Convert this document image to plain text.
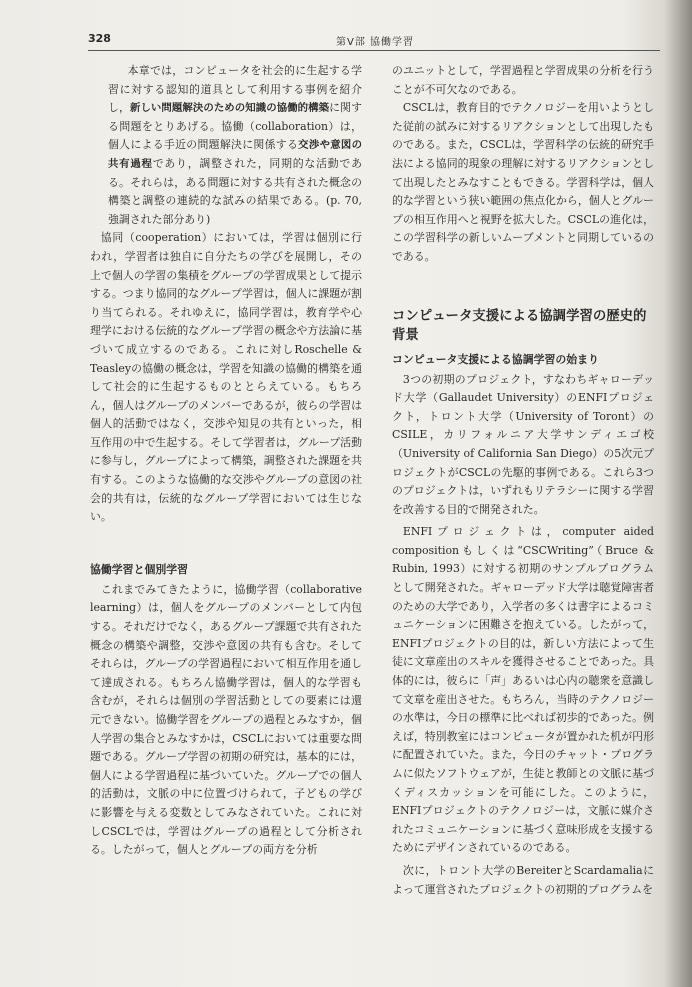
328	第Ⅴ部 協働学習

本章では，コンピュータを社会的に生起する学習に対する認知的道具として利用する事例を紹介し，新しい問題解決のための知識の協働的構築に関する問題をとりあげる。協働（collaboration）は，個人による手近の問題解決に関係する交渉や意図の共有過程であり，調整された，同期的な活動である。それらは，ある問題に対する共有された概念の構築と調整の連続的な試みの結果である。(p. 70, 強調された部分あり)

協同（cooperation）においては，学習は個別に行われ，学習者は独自に自分たちの学びを展開し，その上で個人の学習の集積をグループの学習成果として提示する。つまり協同的なグループ学習は，個人に課題が割り当てられる。それゆえに，協同学習は，教育学や心理学における伝統的なグループ学習の概念や方法論に基づいて成立するのである。これに対しRoschelle & Teasleyの協働の概念は，学習を知識の協働的構築を通して社会的に生起するものととらえている。もちろん，個人はグループのメンバーであるが，彼らの学習は個人的活動ではなく，交渉や知見の共有といった，相互作用の中で生起する。そして学習者は，グループ活動に参与し，グループによって構築，調整された課題を共有する。このような協働的な交渉やグループの意図の社会的共有は，伝統的なグループ学習においては生じない。

協働学習と個別学習

これまでみてきたように，協働学習（collaborative learning）は，個人をグループのメンバーとして内包する。それだけでなく，あるグループ課題で共有された概念の構築や調整，交渉や意図の共有も含む。そしてそれらは，グループの学習過程において相互作用を通して達成される。もちろん協働学習は，個人的な学習も含むが，それらは個別の学習活動としての要素には還元できない。協働学習をグループの過程とみなすか，個人学習の集合とみなすかは，CSCLにおいては重要な問題である。グループ学習の初期の研究は，基本的には，個人による学習過程に基づいていた。グループでの個人的活動は，文脈の中に位置づけられて，子どもの学びに影響を与える変数としてみなされていた。これに対しCSCLでは，学習はグループの過程として分析される。したがって，個人とグループの両方を分析

のユニットとして，学習過程と学習成果の分析を行うことが不可欠なのである。

CSCLは，教育目的でテクノロジーを用いようとした従前の試みに対するリアクションとして出現したものである。また，CSCLは，学習科学の伝統的研究手法による協同的現象の理解に対するリアクションとして出現したとみなすこともできる。学習科学は，個人的な学習という狭い範囲の焦点化から，個人とグループの相互作用へと視野を拡大した。CSCLの進化は，この学習科学の新しいムーブメントと同期しているのである。

コンピュータ支援による協調学習の歴史的背景
コンピュータ支援による協調学習の始まり

3つの初期のプロジェクト，すなわちギャローデッド大学（Gallaudet University）のENFIプロジェクト，トロント大学（University of Toront）のCSILE，カリフォルニア大学サンディエゴ校（University of California San Diego）の5次元プロジェクトがCSCLの先駆的事例である。これら3つのプロジェクトは，いずれもリテラシーに関する学習を改善する目的で開発された。

ENFIプロジェクトは，computer aided compositionもしくは“CSCWriting”（Bruce & Rubin, 1993）に対する初期のサンプルプログラムとして開発された。ギャローデッド大学は聴覚障害者のための大学であり，入学者の多くは書字によるコミュニケーションに困難さを抱えている。したがって，ENFIプロジェクトの目的は，新しい方法によって生徒に文章産出のスキルを獲得させることであった。具体的には，彼らに「声」あるいは心内の聴衆を意識して文章を産出させた。もちろん，当時のテクノロジーの水準は，今日の標準に比べれば初歩的であった。例えば，特別教室にはコンピュータが置かれた机が円形に配置されていた。また，今日のチャット・プログラムに似たソフトウェアが，生徒と教師との文脈に基づくディスカッションを可能にした。このように，ENFIプロジェクトのテクノロジーは，文脈に媒介されたコミュニケーションに基づく意味形成を支援するためにデザインされているのである。

次に，トロント大学のBereiterとScardamaliaによって運営されたプロジェクトの初期的プログラムを
